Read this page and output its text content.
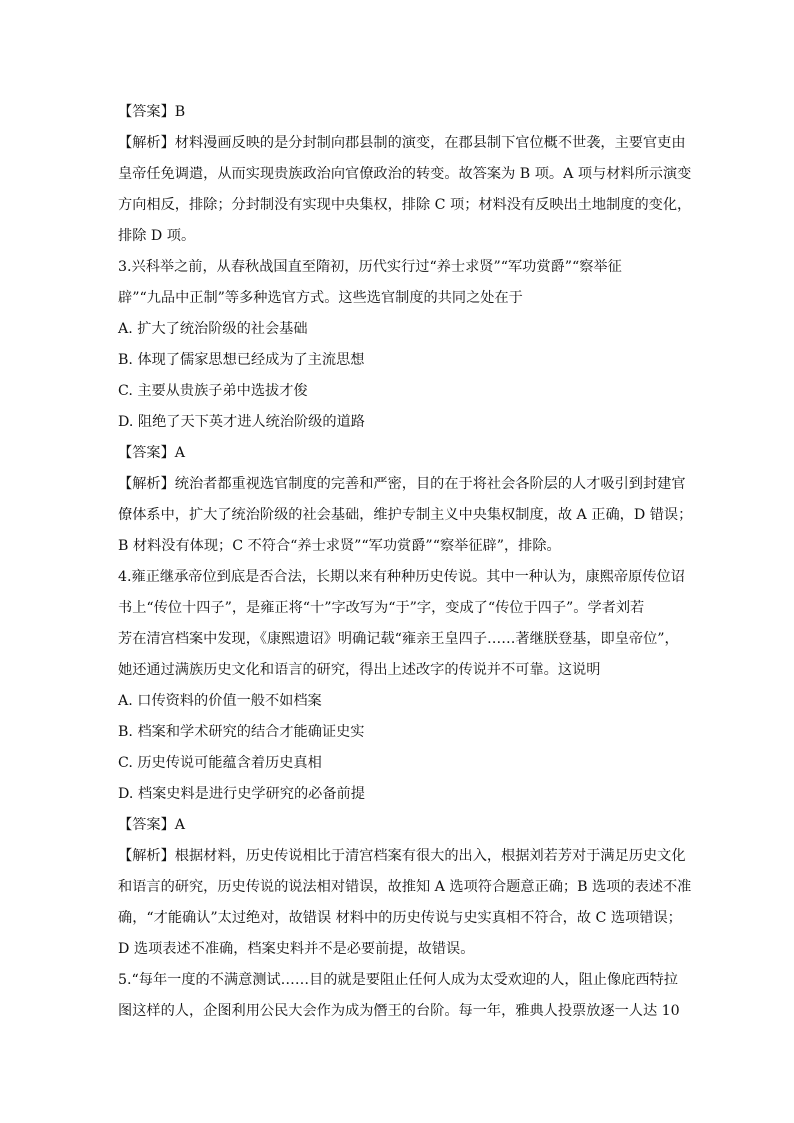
【答案】B
【解析】材料漫画反映的是分封制向郡县制的演变，在郡县制下官位概不世袭，主要官吏由
皇帝任免调遣，从而实现贵族政治向官僚政治的转变。故答案为 B 项。A 项与材料所示演变
方向相反，排除；分封制没有实现中央集权，排除 C 项；材料没有反映出土地制度的变化，
排除 D 项。
3.兴科举之前，从春秋战国直至隋初，历代实行过“养士求贤”“军功赏爵”“察举征
辟”“九品中正制”等多种选官方式。这些选官制度的共同之处在于
A. 扩大了统治阶级的社会基础
B. 体现了儒家思想已经成为了主流思想
C. 主要从贵族子弟中选拔才俊
D. 阻绝了天下英才进人统治阶级的道路
【答案】A
【解析】统治者都重视选官制度的完善和严密，目的在于将社会各阶层的人才吸引到封建官
僚体系中，扩大了统治阶级的社会基础，维护专制主义中央集权制度，故 A 正确，D 错误；
B 材料没有体现；C 不符合“养士求贤”“军功赏爵”“察举征辟”，排除。
4.雍正继承帝位到底是否合法，长期以来有种种历史传说。其中一种认为，康熙帝原传位诏
书上“传位十四子”，是雍正将“十”字改写为“于”字，变成了“传位于四子”。学者刘若
芳在清宫档案中发现，《康熙遗诏》明确记载“雍亲王皇四子……著继朕登基，即皇帝位”，
她还通过满族历史文化和语言的研究，得出上述改字的传说并不可靠。这说明
A. 口传资料的价值一般不如档案
B. 档案和学术研究的结合才能确证史实
C. 历史传说可能蕴含着历史真相
D. 档案史料是进行史学研究的必备前提
【答案】A
【解析】根据材料，历史传说相比于清宫档案有很大的出入，根据刘若芳对于满足历史文化
和语言的研究，历史传说的说法相对错误，故推知 A 选项符合题意正确；B 选项的表述不准
确，“才能确认”太过绝对，故错误 材料中的历史传说与史实真相不符合，故 C 选项错误；
D 选项表述不准确，档案史料并不是必要前提，故错误。
5.“每年一度的不满意测试……目的就是要阻止任何人成为太受欢迎的人，阻止像庇西特拉
图这样的人，企图利用公民大会作为成为僭王的台阶。每一年，雅典人投票放逐一人达 10
